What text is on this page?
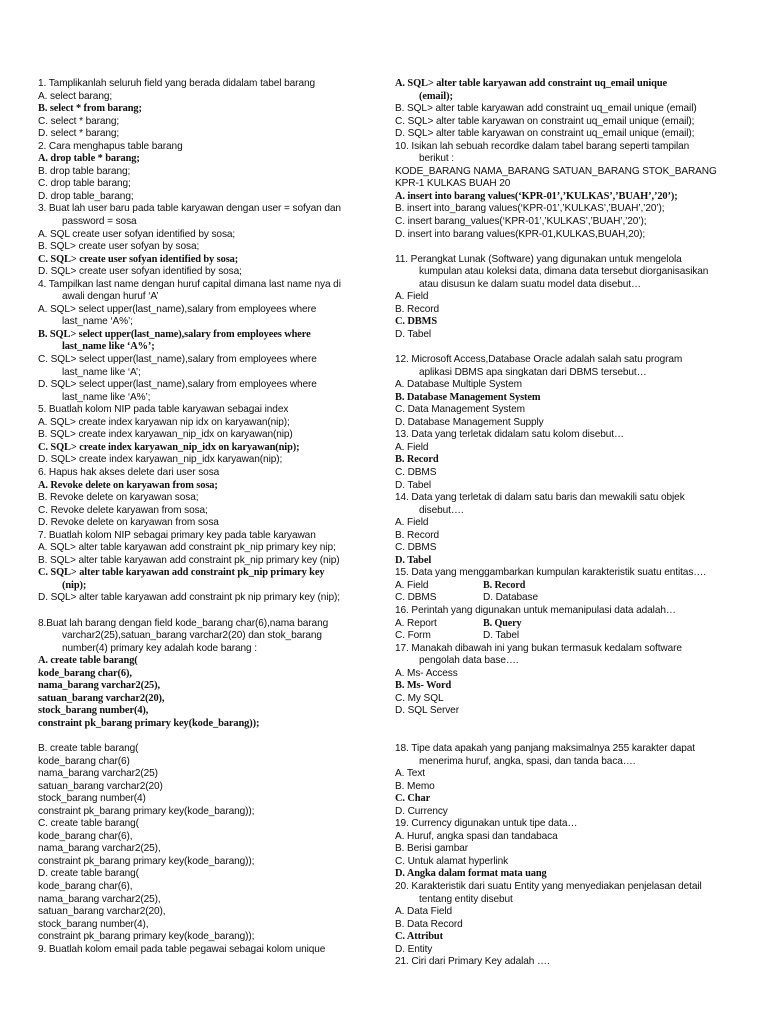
1. Tamplikanlah seluruh field yang berada didalam tabel barang
A. select barang;
B. select * from barang;
C. select * barang;
D. select * barang;
2. Cara menghapus table barang
A. drop table * barang;
B. drop table barang;
C. drop table barang;
D. drop table_barang;
3. Buat lah user baru pada table karyawan dengan user = sofyan dan
password = sosa
A. SQL create user sofyan identified by sosa;
B. SQL> create user sofyan by sosa;
C. SQL> create user sofyan identified by sosa;
D. SQL> create user sofyan identified by sosa;
4. Tampilkan last name dengan huruf capital dimana last name nya di
awali dengan huruf ‘A’
A. SQL> select upper(last_name),salary from employees where
last_name ‘A%’;
B. SQL> select upper(last_name),salary from employees where
last_name like ‘A%’;
C. SQL> select upper(last_name),salary from employees where
last_name like ‘A’;
D. SQL> select upper(last_name),salary from employees where
last_name like ‘A%’;
5. Buatlah kolom NIP pada table karyawan sebagai index
A. SQL> create index karyawan nip idx on karyawan(nip);
B. SQL> create index karyawan_nip_idx on karyawan(nip)
C. SQL> create index karyawan_nip_idx on karyawan(nip);
D. SQL> create index karyawan_nip_idx karyawan(nip);
6. Hapus hak akses delete dari user sosa
A. Revoke delete on karyawan from sosa;
B. Revoke delete on karyawan sosa;
C. Revoke delete karyawan from sosa;
D. Revoke delete on karyawan from sosa
7. Buatlah kolom NIP sebagai primary key pada table karyawan
A. SQL> alter table karyawan add constraint pk_nip primary key nip;
B. SQL> alter table karyawan add constraint pk_nip primary key (nip)
C. SQL> alter table karyawan add constraint pk_nip primary key
(nip);
D. SQL> alter table karyawan add constraint pk nip primary key (nip);
8.Buat lah barang dengan field kode_barang char(6),nama barang
varchar2(25),satuan_barang varchar2(20) dan stok_barang
number(4) primary key adalah kode barang :
A. create table barang(
kode_barang char(6),
nama_barang varchar2(25),
satuan_barang varchar2(20),
stock_barang number(4),
constraint pk_barang primary key(kode_barang));
B. create table barang(
kode_barang char(6)
nama_barang varchar2(25)
satuan_barang varchar2(20)
stock_barang number(4)
constraint pk_barang primary key(kode_barang));
C. create table barang(
kode_barang char(6),
nama_barang varchar2(25),
constraint pk_barang primary key(kode_barang));
D. create table barang(
kode_barang char(6),
nama_barang varchar2(25),
satuan_barang varchar2(20),
stock_barang number(4),
constraint pk_barang primary key(kode_barang));
9. Buatlah kolom email pada table pegawai sebagai kolom unique
A. SQL> alter table karyawan add constraint uq_email unique
(email);
B. SQL> alter table karyawan add constraint uq_email unique (email)
C. SQL> alter table karyawan on constraint uq_email unique (email);
D. SQL> alter table karyawan on constraint uq_email unique (email);
10. Isikan lah sebuah recordke dalam tabel barang seperti tampilan
berikut :
KODE_BARANG NAMA_BARANG SATUAN_BARANG STOK_BARANG
KPR-1 KULKAS BUAH 20
A. insert into barang values(‘KPR-01’,’KULKAS’,’BUAH’,’20’);
B. insert into_barang values(‘KPR-01’,’KULKAS’,’BUAH’,’20’);
C. insert barang_values(‘KPR-01’,’KULKAS’,’BUAH’,’20’);
D. insert into barang values(KPR-01,KULKAS,BUAH,20);
11. Perangkat Lunak (Software) yang digunakan untuk mengelola
kumpulan atau koleksi data, dimana data tersebut diorganisasikan
atau disusun ke dalam suatu model data disebut…
A. Field
B. Record
C. DBMS
D. Tabel
12. Microsoft Access,Database Oracle adalah salah satu program
aplikasi DBMS apa singkatan dari DBMS tersebut…
A. Database Multiple System
B. Database Management System
C. Data Management System
D. Database Management Supply
13. Data yang terletak didalam satu kolom disebut…
A. Field
B. Record
C. DBMS
D. Tabel
14. Data yang terletak di dalam satu baris dan mewakili satu objek
disebut….
A. Field
B. Record
C. DBMS
D. Tabel
15. Data yang menggambarkan kumpulan karakteristik suatu entitas….
A. Field	B. Record
C. DBMS	D. Database
16. Perintah yang digunakan untuk memanipulasi data adalah…
A. Report	B. Query
C. Form	D. Tabel
17. Manakah dibawah ini yang bukan termasuk kedalam software
pengolah data base….
A. Ms- Access
B. Ms- Word
C. My SQL
D. SQL Server
18. Tipe data apakah yang panjang maksimalnya 255 karakter dapat
menerima huruf, angka, spasi, dan tanda baca….
A. Text
B. Memo
C. Char
D. Currency
19. Currency digunakan untuk tipe data…
A. Huruf, angka spasi dan tandabaca
B. Berisi gambar
C. Untuk alamat hyperlink
D. Angka dalam format mata uang
20. Karakteristik dari suatu Entity yang menyediakan penjelasan detail
tentang entity disebut
A. Data Field
B. Data Record
C. Attribut
D. Entity
21. Ciri dari Primary Key adalah ….
